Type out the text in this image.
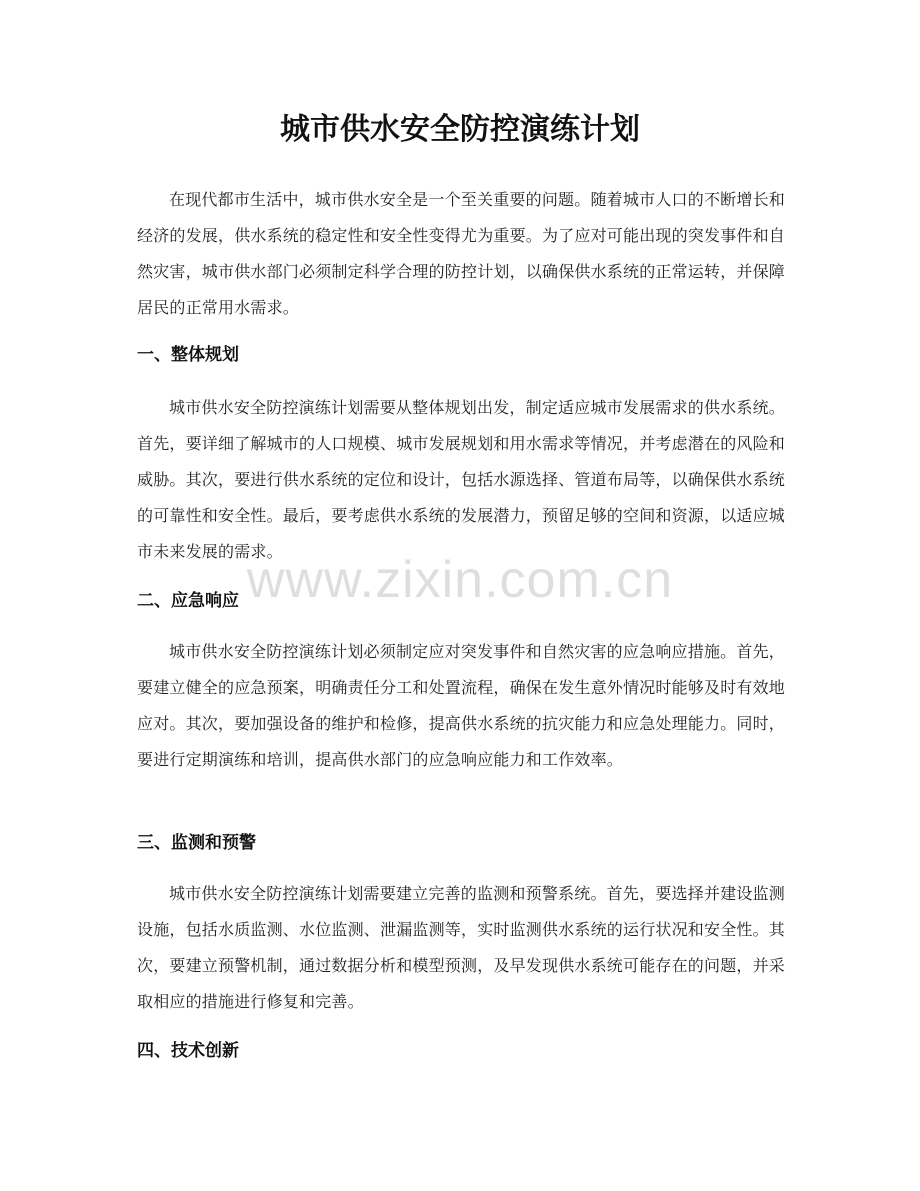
城市供水安全防控演练计划

在现代都市生活中，城市供水安全是一个至关重要的问题。随着城市人口的不断增长和经济的发展，供水系统的稳定性和安全性变得尤为重要。为了应对可能出现的突发事件和自然灾害，城市供水部门必须制定科学合理的防控计划，以确保供水系统的正常运转，并保障居民的正常用水需求。

一、整体规划

城市供水安全防控演练计划需要从整体规划出发，制定适应城市发展需求的供水系统。首先，要详细了解城市的人口规模、城市发展规划和用水需求等情况，并考虑潜在的风险和威胁。其次，要进行供水系统的定位和设计，包括水源选择、管道布局等，以确保供水系统的可靠性和安全性。最后，要考虑供水系统的发展潜力，预留足够的空间和资源，以适应城市未来发展的需求。

二、应急响应

城市供水安全防控演练计划必须制定应对突发事件和自然灾害的应急响应措施。首先，要建立健全的应急预案，明确责任分工和处置流程，确保在发生意外情况时能够及时有效地应对。其次，要加强设备的维护和检修，提高供水系统的抗灾能力和应急处理能力。同时，要进行定期演练和培训，提高供水部门的应急响应能力和工作效率。

三、监测和预警

城市供水安全防控演练计划需要建立完善的监测和预警系统。首先，要选择并建设监测设施，包括水质监测、水位监测、泄漏监测等，实时监测供水系统的运行状况和安全性。其次，要建立预警机制，通过数据分析和模型预测，及早发现供水系统可能存在的问题，并采取相应的措施进行修复和完善。

四、技术创新
www.zixin.com.cn
